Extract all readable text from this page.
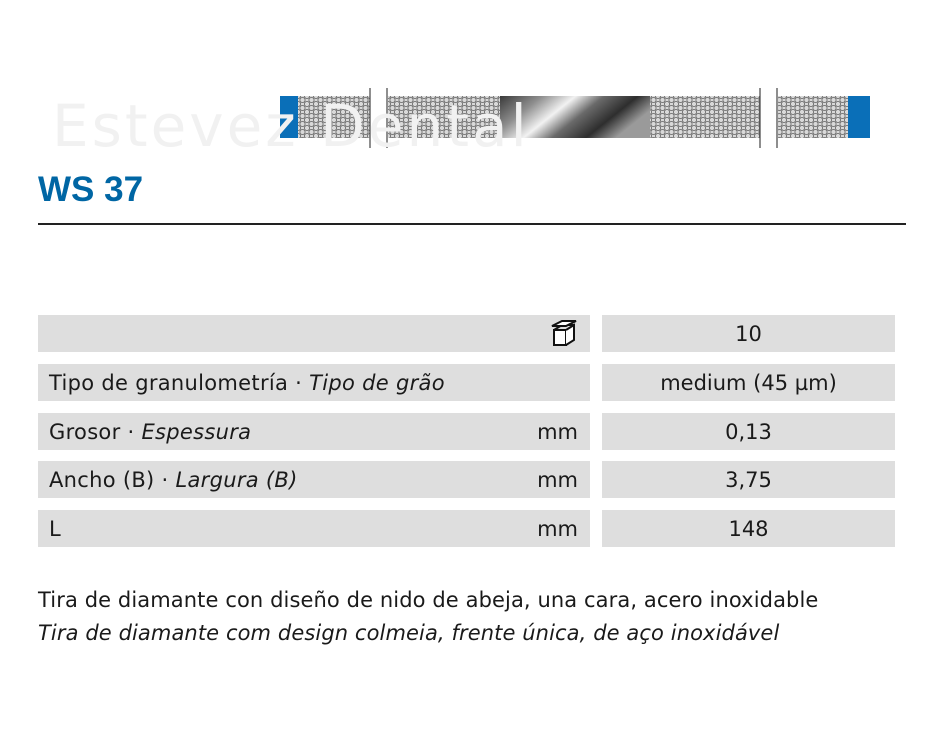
Estevez Dental
WS 37
10
Tipo de granulometría · Tipo de grão	medium (45 µm)
Grosor · Espessura	mm	0,13
Ancho (B) · Largura (B)	mm	3,75
L	mm	148
Tira de diamante con diseño de nido de abeja, una cara, acero inoxidable
Tira de diamante com design colmeia, frente única, de aço inoxidável
